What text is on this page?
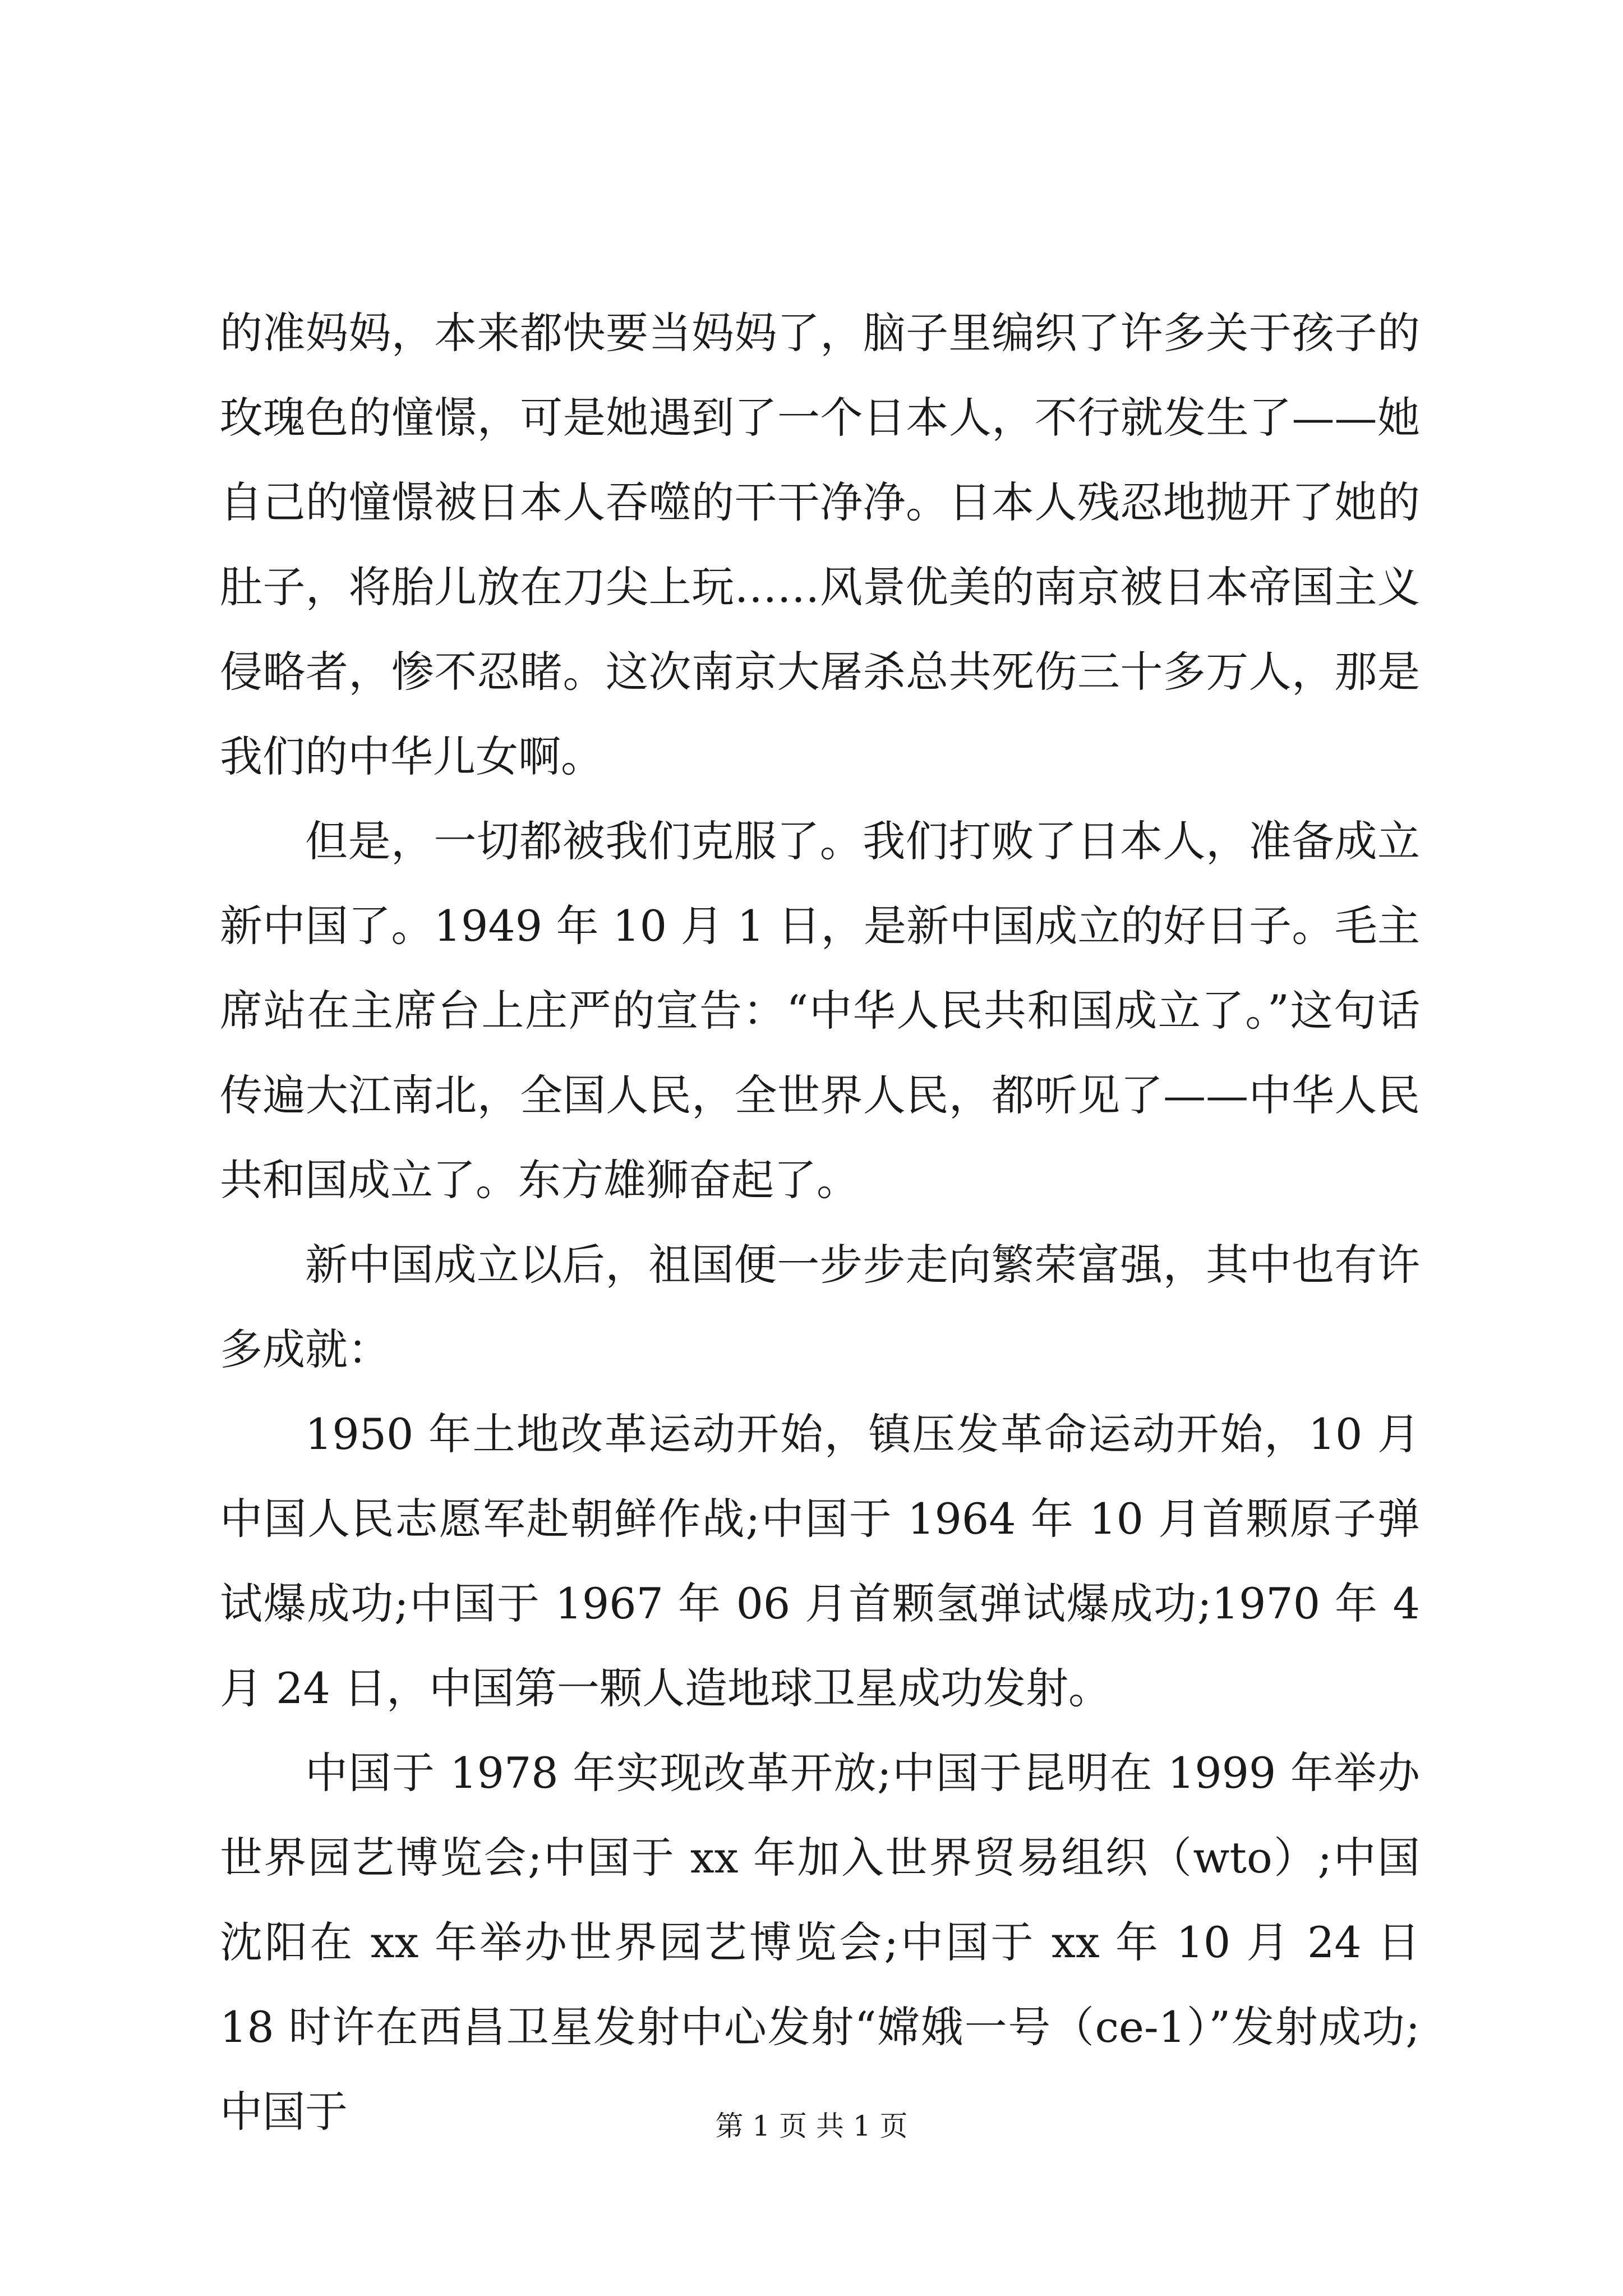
的准妈妈，本来都快要当妈妈了，脑子里编织了许多关于孩子的玫瑰色的憧憬，可是她遇到了一个日本人，不行就发生了——她自己的憧憬被日本人吞噬的干干净净。日本人残忍地抛开了她的肚子，将胎儿放在刀尖上玩……风景优美的南京被日本帝国主义侵略者，惨不忍睹。这次南京大屠杀总共死伤三十多万人，那是我们的中华儿女啊。

但是，一切都被我们克服了。我们打败了日本人，准备成立新中国了。1949 年 10 月 1 日，是新中国成立的好日子。毛主席站在主席台上庄严的宣告：“中华人民共和国成立了。”这句话传遍大江南北，全国人民，全世界人民，都听见了——中华人民共和国成立了。东方雄狮奋起了。

新中国成立以后，祖国便一步步走向繁荣富强，其中也有许多成就：

1950 年土地改革运动开始，镇压发革命运动开始，10 月中国人民志愿军赴朝鲜作战;中国于 1964 年 10 月首颗原子弹试爆成功;中国于 1967 年 06 月首颗氢弹试爆成功;1970 年 4 月 24 日，中国第一颗人造地球卫星成功发射。

中国于 1978 年实现改革开放;中国于昆明在 1999 年举办世界园艺博览会;中国于 xx 年加入世界贸易组织（wto）;中国沈阳在 xx 年举办世界园艺博览会;中国于 xx 年 10 月 24 日 18 时许在西昌卫星发射中心发射“嫦娥一号（ce-1）”发射成功;中国于	第 1 页 共 1 页
